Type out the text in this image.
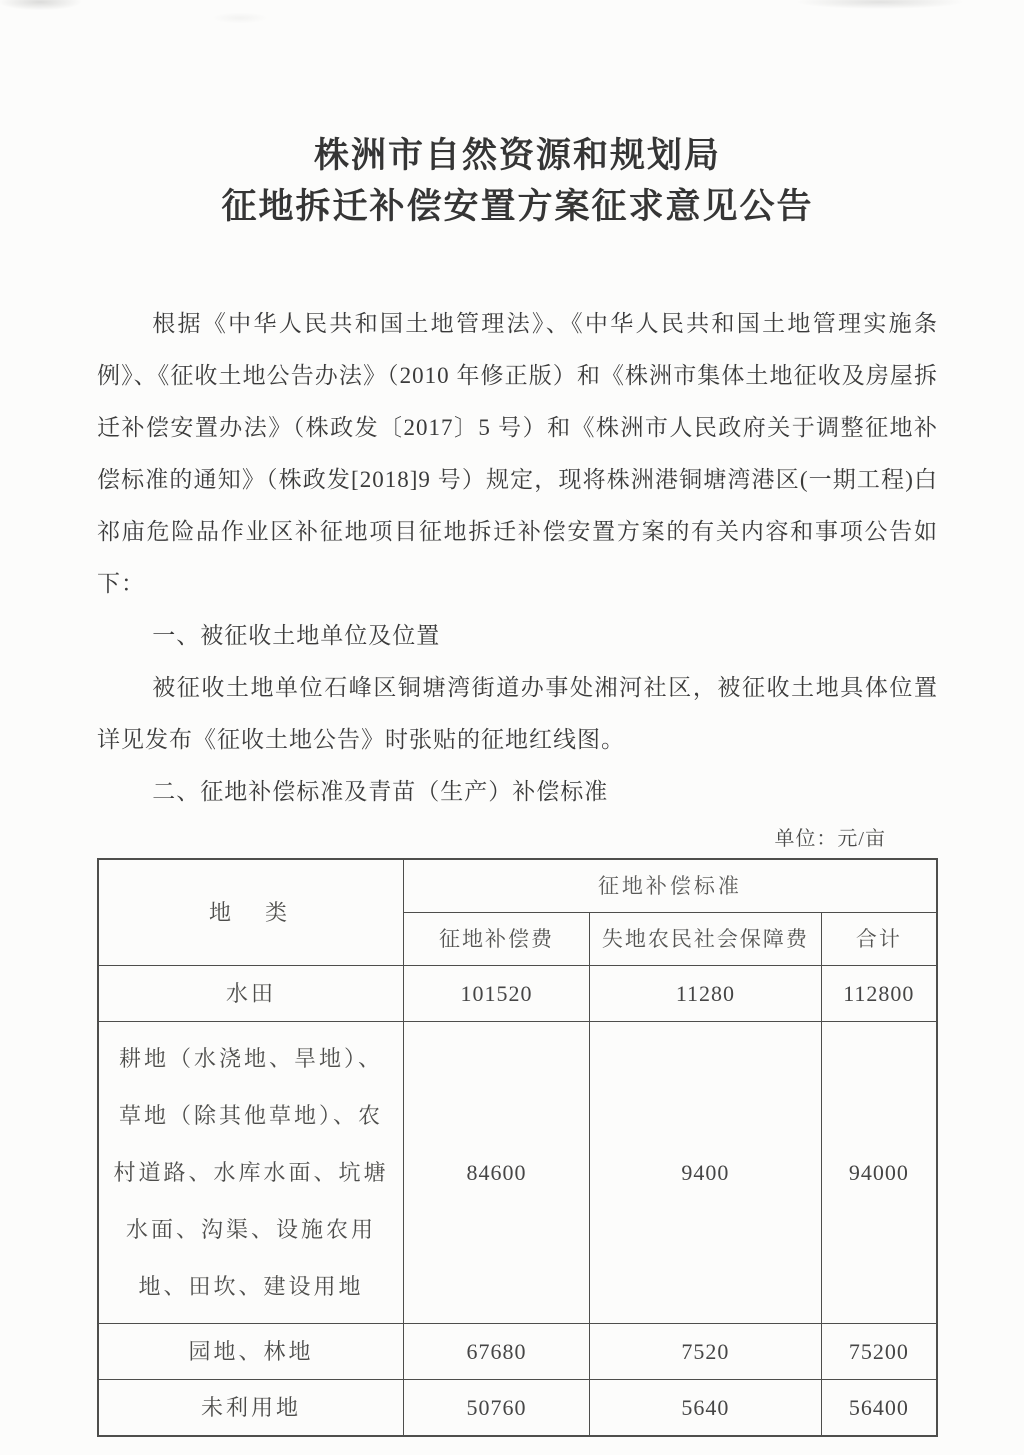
株洲市自然资源和规划局
征地拆迁补偿安置方案征求意见公告

根据《中华人民共和国土地管理法》、《中华人民共和国土地管理实施条例》、《征收土地公告办法》（2010 年修正版）和《株洲市集体土地征收及房屋拆迁补偿安置办法》（株政发〔2017〕5 号）和《株洲市人民政府关于调整征地补偿标准的通知》（株政发[2018]9 号）规定，现将株洲港铜塘湾港区(一期工程)白祁庙危险品作业区补征地项目征地拆迁补偿安置方案的有关内容和事项公告如下：

一、被征收土地单位及位置

被征收土地单位石峰区铜塘湾街道办事处湘河社区，被征收土地具体位置详见发布《征收土地公告》时张贴的征地红线图。

二、征地补偿标准及青苗（生产）补偿标准

单位：元/亩

地　类	征地补偿标准		
	征地补偿费	失地农民社会保障费	合计
水田	101520	11280	112800
耕地（水浇地、旱地）、草地（除其他草地）、农村道路、水库水面、坑塘水面、沟渠、设施农用地、田坎、建设用地	84600	9400	94000
园地、林地	67680	7520	75200
未利用地	50760	5640	56400
